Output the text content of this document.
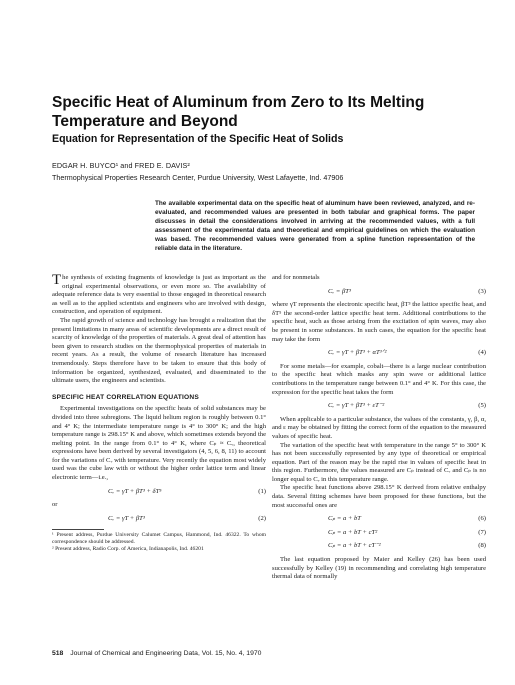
Specific Heat of Aluminum from Zero to Its Melting Temperature and Beyond
Equation for Representation of the Specific Heat of Solids
EDGAR H. BUYCO¹ and FRED E. DAVIS²
Thermophysical Properties Research Center, Purdue University, West Lafayette, Ind. 47906
The available experimental data on the specific heat of aluminum have been reviewed, analyzed, and re-evaluated, and recommended values are presented in both tabular and graphical forms. The paper discusses in detail the considerations involved in arriving at the recommended values, with a full assessment of the experimental data and theoretical and empirical guidelines on which the evaluation was based. The recommended values were generated from a spline function representation of the reliable data in the literature.

The synthesis of existing fragments of knowledge is just as important as the original experimental observations, or even more so. The availability of adequate reference data is very essential to those engaged in theoretical research as well as to the applied scientists and engineers who are involved with design, construction, and operation of equipment.

The rapid growth of science and technology has brought a realization that the present limitations in many areas of scientific developments are a direct result of scarcity of knowledge of the properties of materials. A great deal of attention has been given to research studies on the thermophysical properties of materials in recent years. As a result, the volume of research literature has increased tremendously. Steps therefore have to be taken to ensure that this body of information be organized, synthesized, evaluated, and disseminated to the ultimate users, the engineers and scientists.

SPECIFIC HEAT CORRELATION EQUATIONS

Experimental investigations on the specific heats of solid substances may be divided into three subregions. The liquid helium region is roughly between 0.1° and 4° K; the intermediate temperature range is 4° to 300° K; and the high temperature range is 298.15° K and above, which sometimes extends beyond the melting point. In the range from 0.1° to 4° K, where Cₚ ≈ Cᵥ, theoretical expressions have been derived by several investigators (4, 5, 6, 8, 11) to account for the variations of Cᵥ with temperature. Very recently the equation most widely used was the cube law with or without the higher order lattice term and linear electronic term—i.e.,

Cᵥ = γT + βT³ + δT⁵	(1)

or

Cᵥ = γT + βT³	(2)
¹ Present address, Purdue University Calumet Campus, Hammond, Ind. 46322. To whom correspondence should be addressed.
² Present address, Radio Corp. of America, Indianapolis, Ind. 46201

and for nonmetals

Cᵥ = βT³	(3)

where γT represents the electronic specific heat, βT³ the lattice specific heat, and δT⁵ the second-order lattice specific heat term. Additional contributions to the specific heat, such as those arising from the excitation of spin waves, may also be present in some substances. In such cases, the equation for the specific heat may take the form

Cᵥ = γT + βT³ + αT³ᐟ²	(4)

For some metals—for example, cobalt—there is a large nuclear contribution to the specific heat which masks any spin wave or additional lattice contributions in the temperature range between 0.1° and 4° K. For this case, the expression for the specific heat takes the form

Cᵥ = γT + βT³ + εT⁻²	(5)

When applicable to a particular substance, the values of the constants, γ, β, α, and ε may be obtained by fitting the correct form of the equation to the measured values of specific heat.

The variation of the specific heat with temperature in the range 5° to 300° K has not been successfully represented by any type of theoretical or empirical equation. Part of the reason may be the rapid rise in values of specific heat in this region. Furthermore, the values measured are Cₚ instead of Cᵥ and Cₚ is no longer equal to Cᵥ in this temperature range.

The specific heat functions above 298.15° K derived from relative enthalpy data. Several fitting schemes have been proposed for these functions, but the most successful ones are

Cₚ = a + bT	(6)
Cₚ = a + bT + cT²	(7)
Cₚ = a + bT + cT⁻²	(8)

The last equation proposed by Maier and Kelley (26) has been used successfully by Kelley (19) in recommending and correlating high temperature thermal data of normally

518 Journal of Chemical and Engineering Data, Vol. 15, No. 4, 1970
